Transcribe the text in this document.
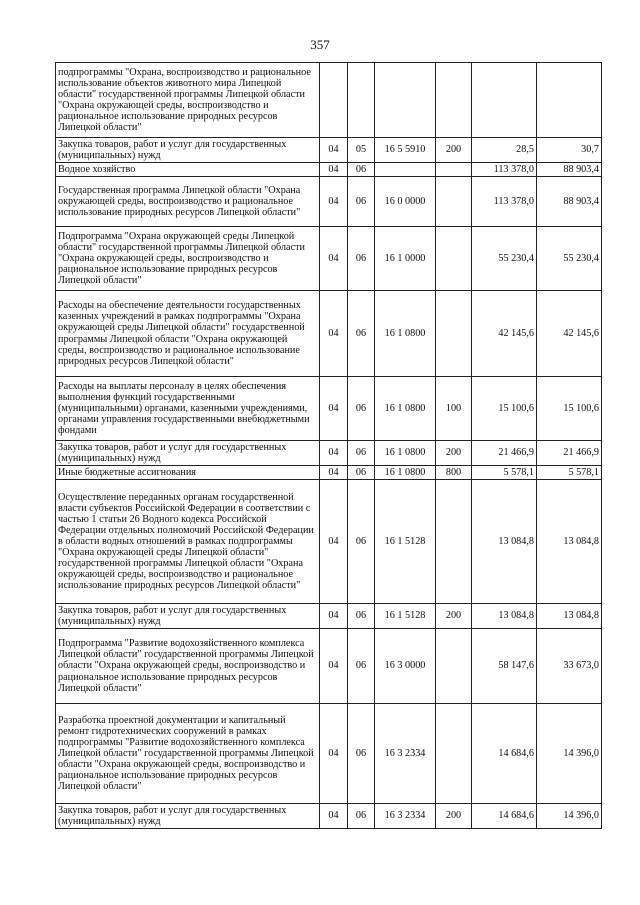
357
подпрограммы "Охрана, воспроизводство и рациональное использование объектов животного мира Липецкой области" государственной программы Липецкой области "Охрана окружающей среды, воспроизводство и рациональное использование природных ресурсов Липецкой области"						
Закупка товаров, работ и услуг для государственных (муниципальных) нужд	04	05	16 5 5910	200	28,5	30,7
Водное хозяйство	04	06			113 378,0	88 903,4
Государственная программа Липецкой области "Охрана окружающей среды, воспроизводство и рациональное использование природных ресурсов Липецкой области"	04	06	16 0 0000		113 378,0	88 903,4
Подпрограмма "Охрана окружающей среды Липецкой области" государственной программы Липецкой области "Охрана окружающей среды, воспроизводство и рациональное использование природных ресурсов Липецкой области"	04	06	16 1 0000		55 230,4	55 230,4
Расходы на обеспечение деятельности государственных казенных учреждений в рамках подпрограммы "Охрана окружающей среды Липецкой области" государственной программы Липецкой области "Охрана окружающей среды, воспроизводство и рациональное использование природных ресурсов Липецкой области"	04	06	16 1 0800		42 145,6	42 145,6
Расходы на выплаты персоналу в целях обеспечения выполнения функций государственными (муниципальными) органами, казенными учреждениями, органами управления государственными внебюджетными фондами	04	06	16 1 0800	100	15 100,6	15 100,6
Закупка товаров, работ и услуг для государственных (муниципальных) нужд	04	06	16 1 0800	200	21 466,9	21 466,9
Иные бюджетные ассигнования	04	06	16 1 0800	800	5 578,1	5 578,1
Осуществление переданных органам государственной власти субъектов Российской Федерации в соответствии с частью 1 статьи 26 Водного кодекса Российской Федерации отдельных полномочий Российской Федерации в области водных отношений в рамках подпрограммы "Охрана окружающей среды Липецкой области" государственной программы Липецкой области "Охрана окружающей среды, воспроизводство и рациональное использование природных ресурсов Липецкой области"	04	06	16 1 5128		13 084,8	13 084,8
Закупка товаров, работ и услуг для государственных (муниципальных) нужд	04	06	16 1 5128	200	13 084,8	13 084,8
Подпрограмма "Развитие водохозяйственного комплекса Липецкой области" государственной программы Липецкой области "Охрана окружающей среды, воспроизводство и рациональное использование природных ресурсов Липецкой области"	04	06	16 3 0000		58 147,6	33 673,0
Разработка проектной документации и капитальный ремонт гидротехнических сооружений в рамках подпрограммы "Развитие водохозяйственного комплекса Липецкой области" государственной программы Липецкой области "Охрана окружающей среды, воспроизводство и рациональное использование природных ресурсов Липецкой области"	04	06	16 3 2334		14 684,6	14 396,0
Закупка товаров, работ и услуг для государственных (муниципальных) нужд	04	06	16 3 2334	200	14 684,6	14 396,0
